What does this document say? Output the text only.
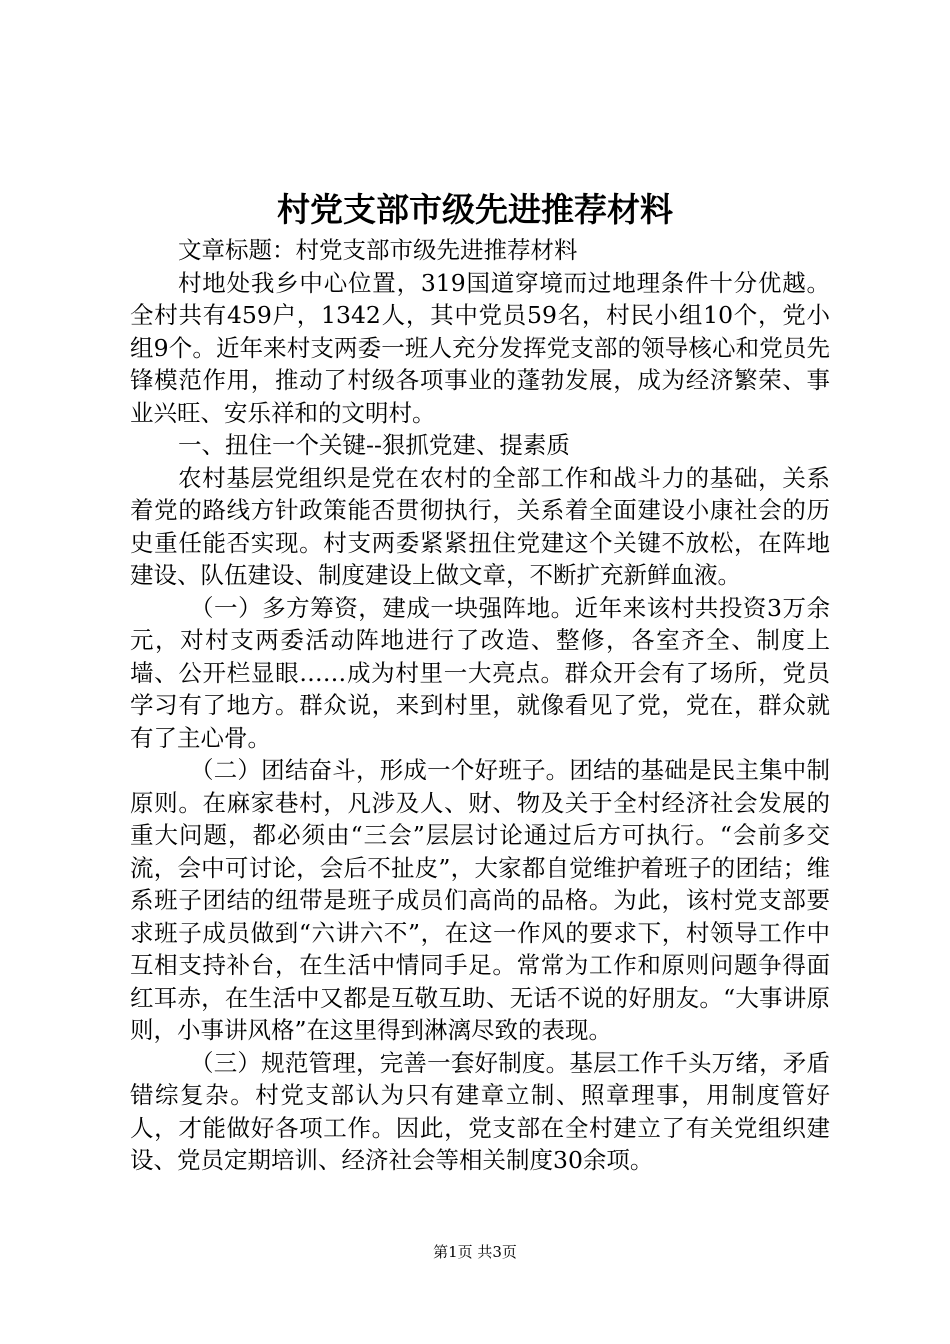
村党支部市级先进推荐材料

文章标题：村党支部市级先进推荐材料

村地处我乡中心位置，319国道穿境而过地理条件十分优越。全村共有459户，1342人，其中党员59名，村民小组10个，党小组9个。近年来村支两委一班人充分发挥党支部的领导核心和党员先锋模范作用，推动了村级各项事业的蓬勃发展，成为经济繁荣、事业兴旺、安乐祥和的文明村。

一、扭住一个关键--狠抓党建、提素质

农村基层党组织是党在农村的全部工作和战斗力的基础，关系着党的路线方针政策能否贯彻执行，关系着全面建设小康社会的历史重任能否实现。村支两委紧紧扭住党建这个关键不放松，在阵地建设、队伍建设、制度建设上做文章，不断扩充新鲜血液。

（一）多方筹资，建成一块强阵地。近年来该村共投资3万余元，对村支两委活动阵地进行了改造、整修，各室齐全、制度上墙、公开栏显眼……成为村里一大亮点。群众开会有了场所，党员学习有了地方。群众说，来到村里，就像看见了党，党在，群众就有了主心骨。

（二）团结奋斗，形成一个好班子。团结的基础是民主集中制原则。在麻家巷村，凡涉及人、财、物及关于全村经济社会发展的重大问题，都必须由“三会”层层讨论通过后方可执行。“会前多交流，会中可讨论，会后不扯皮”，大家都自觉维护着班子的团结；维系班子团结的纽带是班子成员们高尚的品格。为此，该村党支部要求班子成员做到“六讲六不”，在这一作风的要求下，村领导工作中互相支持补台，在生活中情同手足。常常为工作和原则问题争得面红耳赤，在生活中又都是互敬互助、无话不说的好朋友。“大事讲原则，小事讲风格”在这里得到淋漓尽致的表现。

（三）规范管理，完善一套好制度。基层工作千头万绪，矛盾错综复杂。村党支部认为只有建章立制、照章理事，用制度管好人，才能做好各项工作。因此，党支部在全村建立了有关党组织建设、党员定期培训、经济社会等相关制度30余项。

第1页 共3页
